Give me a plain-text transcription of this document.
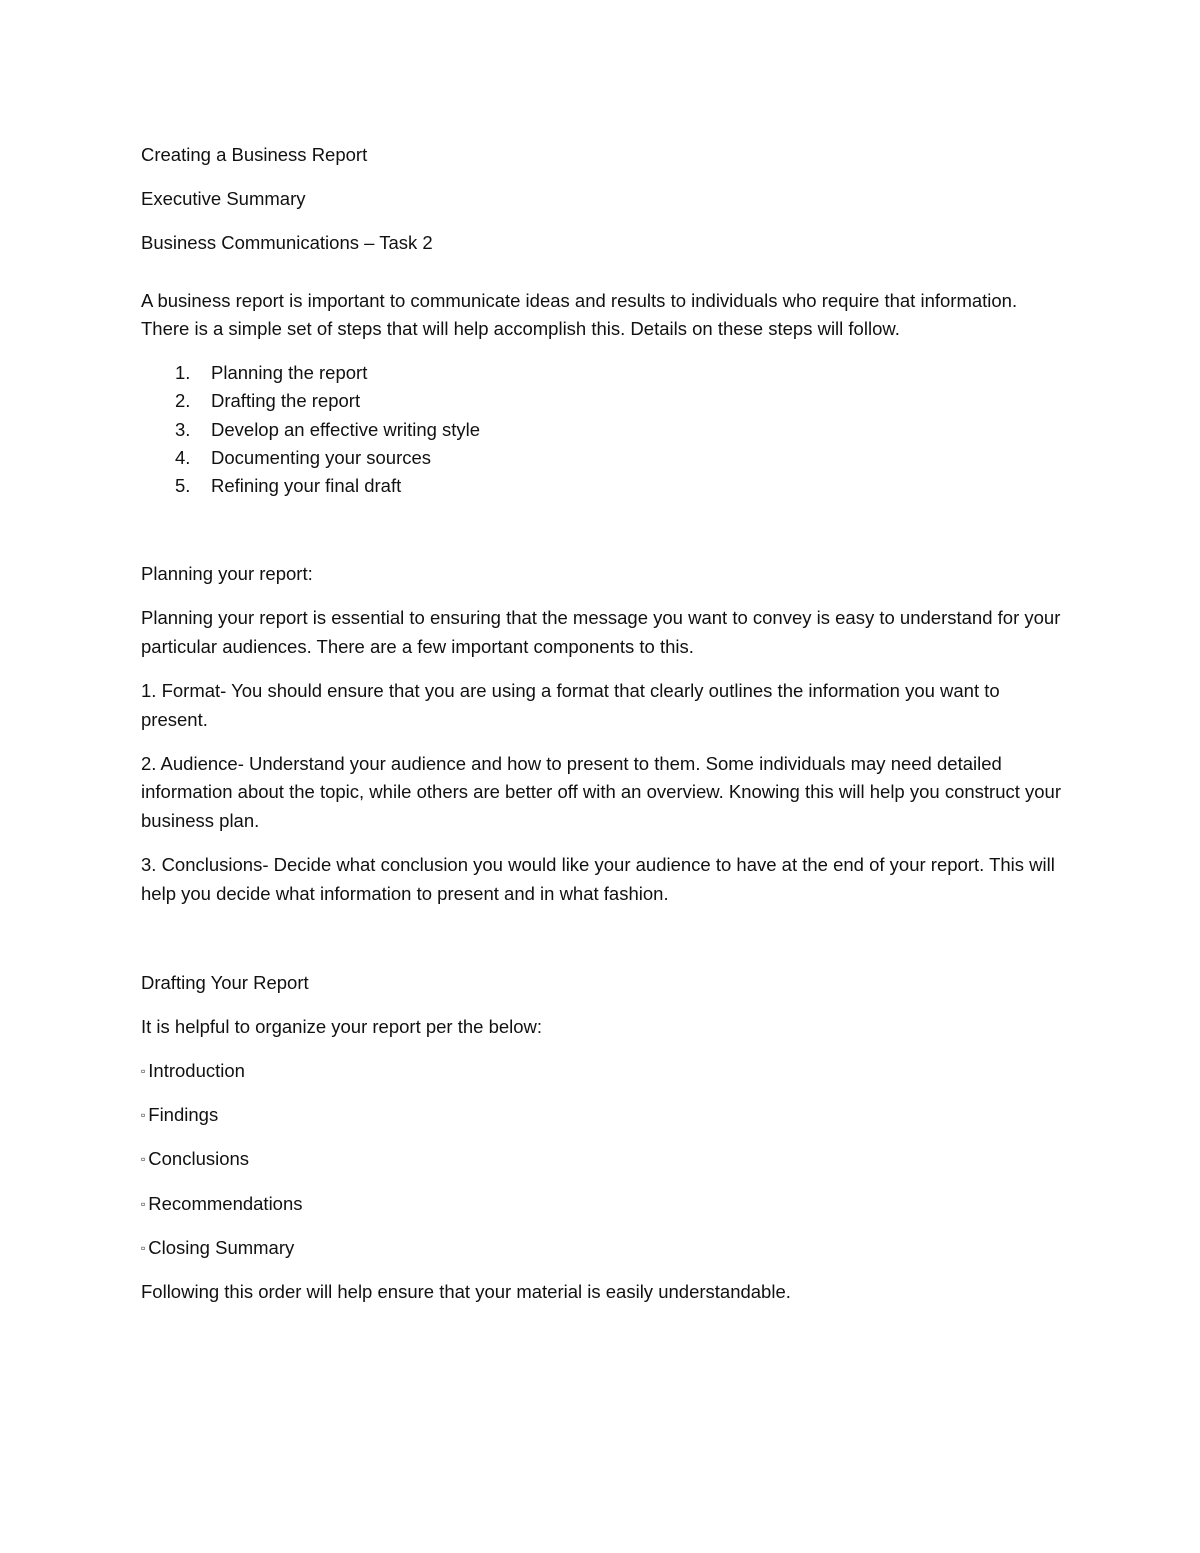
Creating a Business Report

Executive Summary

Business Communications – Task 2

A business report is important to communicate ideas and results to individuals who require that information. There is a simple set of steps that will help accomplish this. Details on these steps will follow.

1. Planning the report
2. Drafting the report
3. Develop an effective writing style
4. Documenting your sources
5. Refining your final draft

Planning your report:

Planning your report is essential to ensuring that the message you want to convey is easy to understand for your particular audiences. There are a few important components to this.

1. Format- You should ensure that you are using a format that clearly outlines the information you want to present.

2. Audience- Understand your audience and how to present to them. Some individuals may need detailed information about the topic, while others are better off with an overview. Knowing this will help you construct your business plan.

3. Conclusions- Decide what conclusion you would like your audience to have at the end of your report. This will help you decide what information to present and in what fashion.

Drafting Your Report

It is helpful to organize your report per the below:

▫ Introduction

▫ Findings

▫ Conclusions

▫ Recommendations

▫ Closing Summary

Following this order will help ensure that your material is easily understandable.
